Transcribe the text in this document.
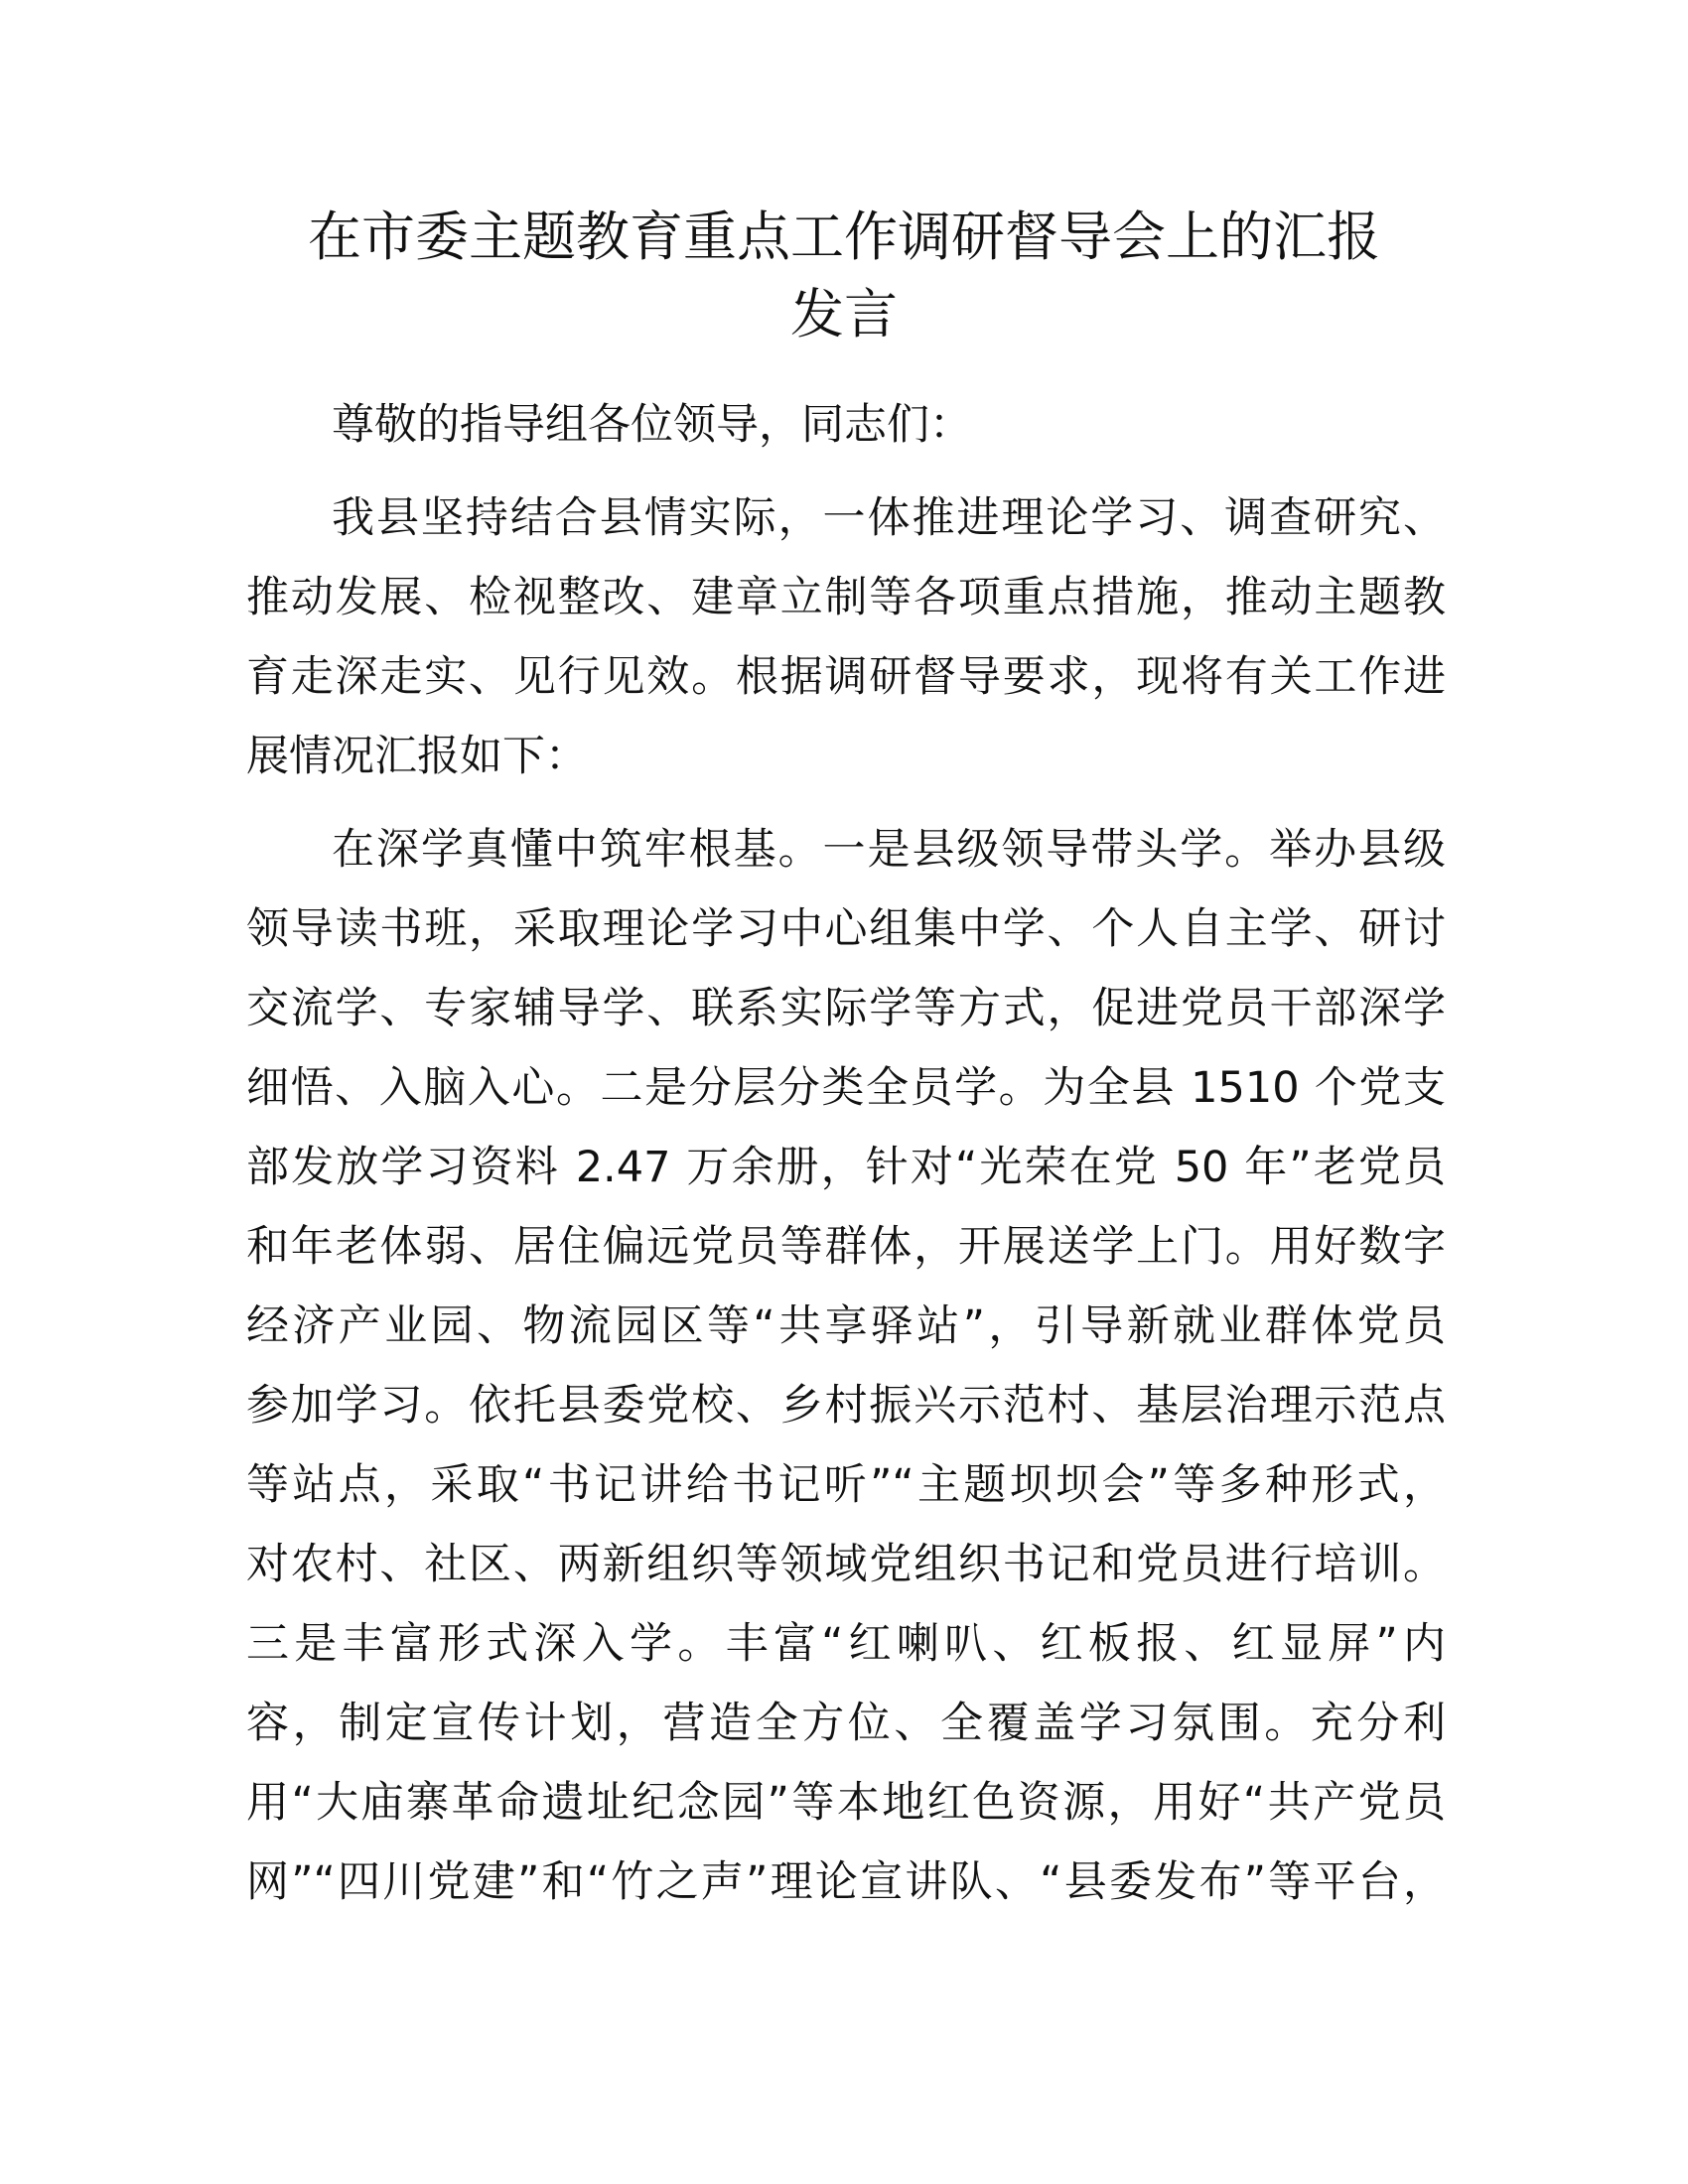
在市委主题教育重点工作调研督导会上的汇报
发言

尊敬的指导组各位领导，同志们：

我县坚持结合县情实际，一体推进理论学习、调查研究、
推动发展、检视整改、建章立制等各项重点措施，推动主题教
育走深走实、见行见效。根据调研督导要求，现将有关工作进
展情况汇报如下：

在深学真懂中筑牢根基。一是县级领导带头学。举办县级
领导读书班，采取理论学习中心组集中学、个人自主学、研讨
交流学、专家辅导学、联系实际学等方式，促进党员干部深学
细悟、入脑入心。二是分层分类全员学。为全县 1510 个党支
部发放学习资料 2.47 万余册，针对“光荣在党 50 年”老党员
和年老体弱、居住偏远党员等群体，开展送学上门。用好数字
经济产业园、物流园区等“共享驿站”，引导新就业群体党员
参加学习。依托县委党校、乡村振兴示范村、基层治理示范点
等站点，采取“书记讲给书记听”“主题坝坝会”等多种形式，
对农村、社区、两新组织等领域党组织书记和党员进行培训。
三是丰富形式深入学。丰富“红喇叭、红板报、红显屏”内
容，制定宣传计划，营造全方位、全覆盖学习氛围。充分利
用“大庙寨革命遗址纪念园”等本地红色资源，用好“共产党员
网”“四川党建”和“竹之声”理论宣讲队、“县委发布”等平台，
